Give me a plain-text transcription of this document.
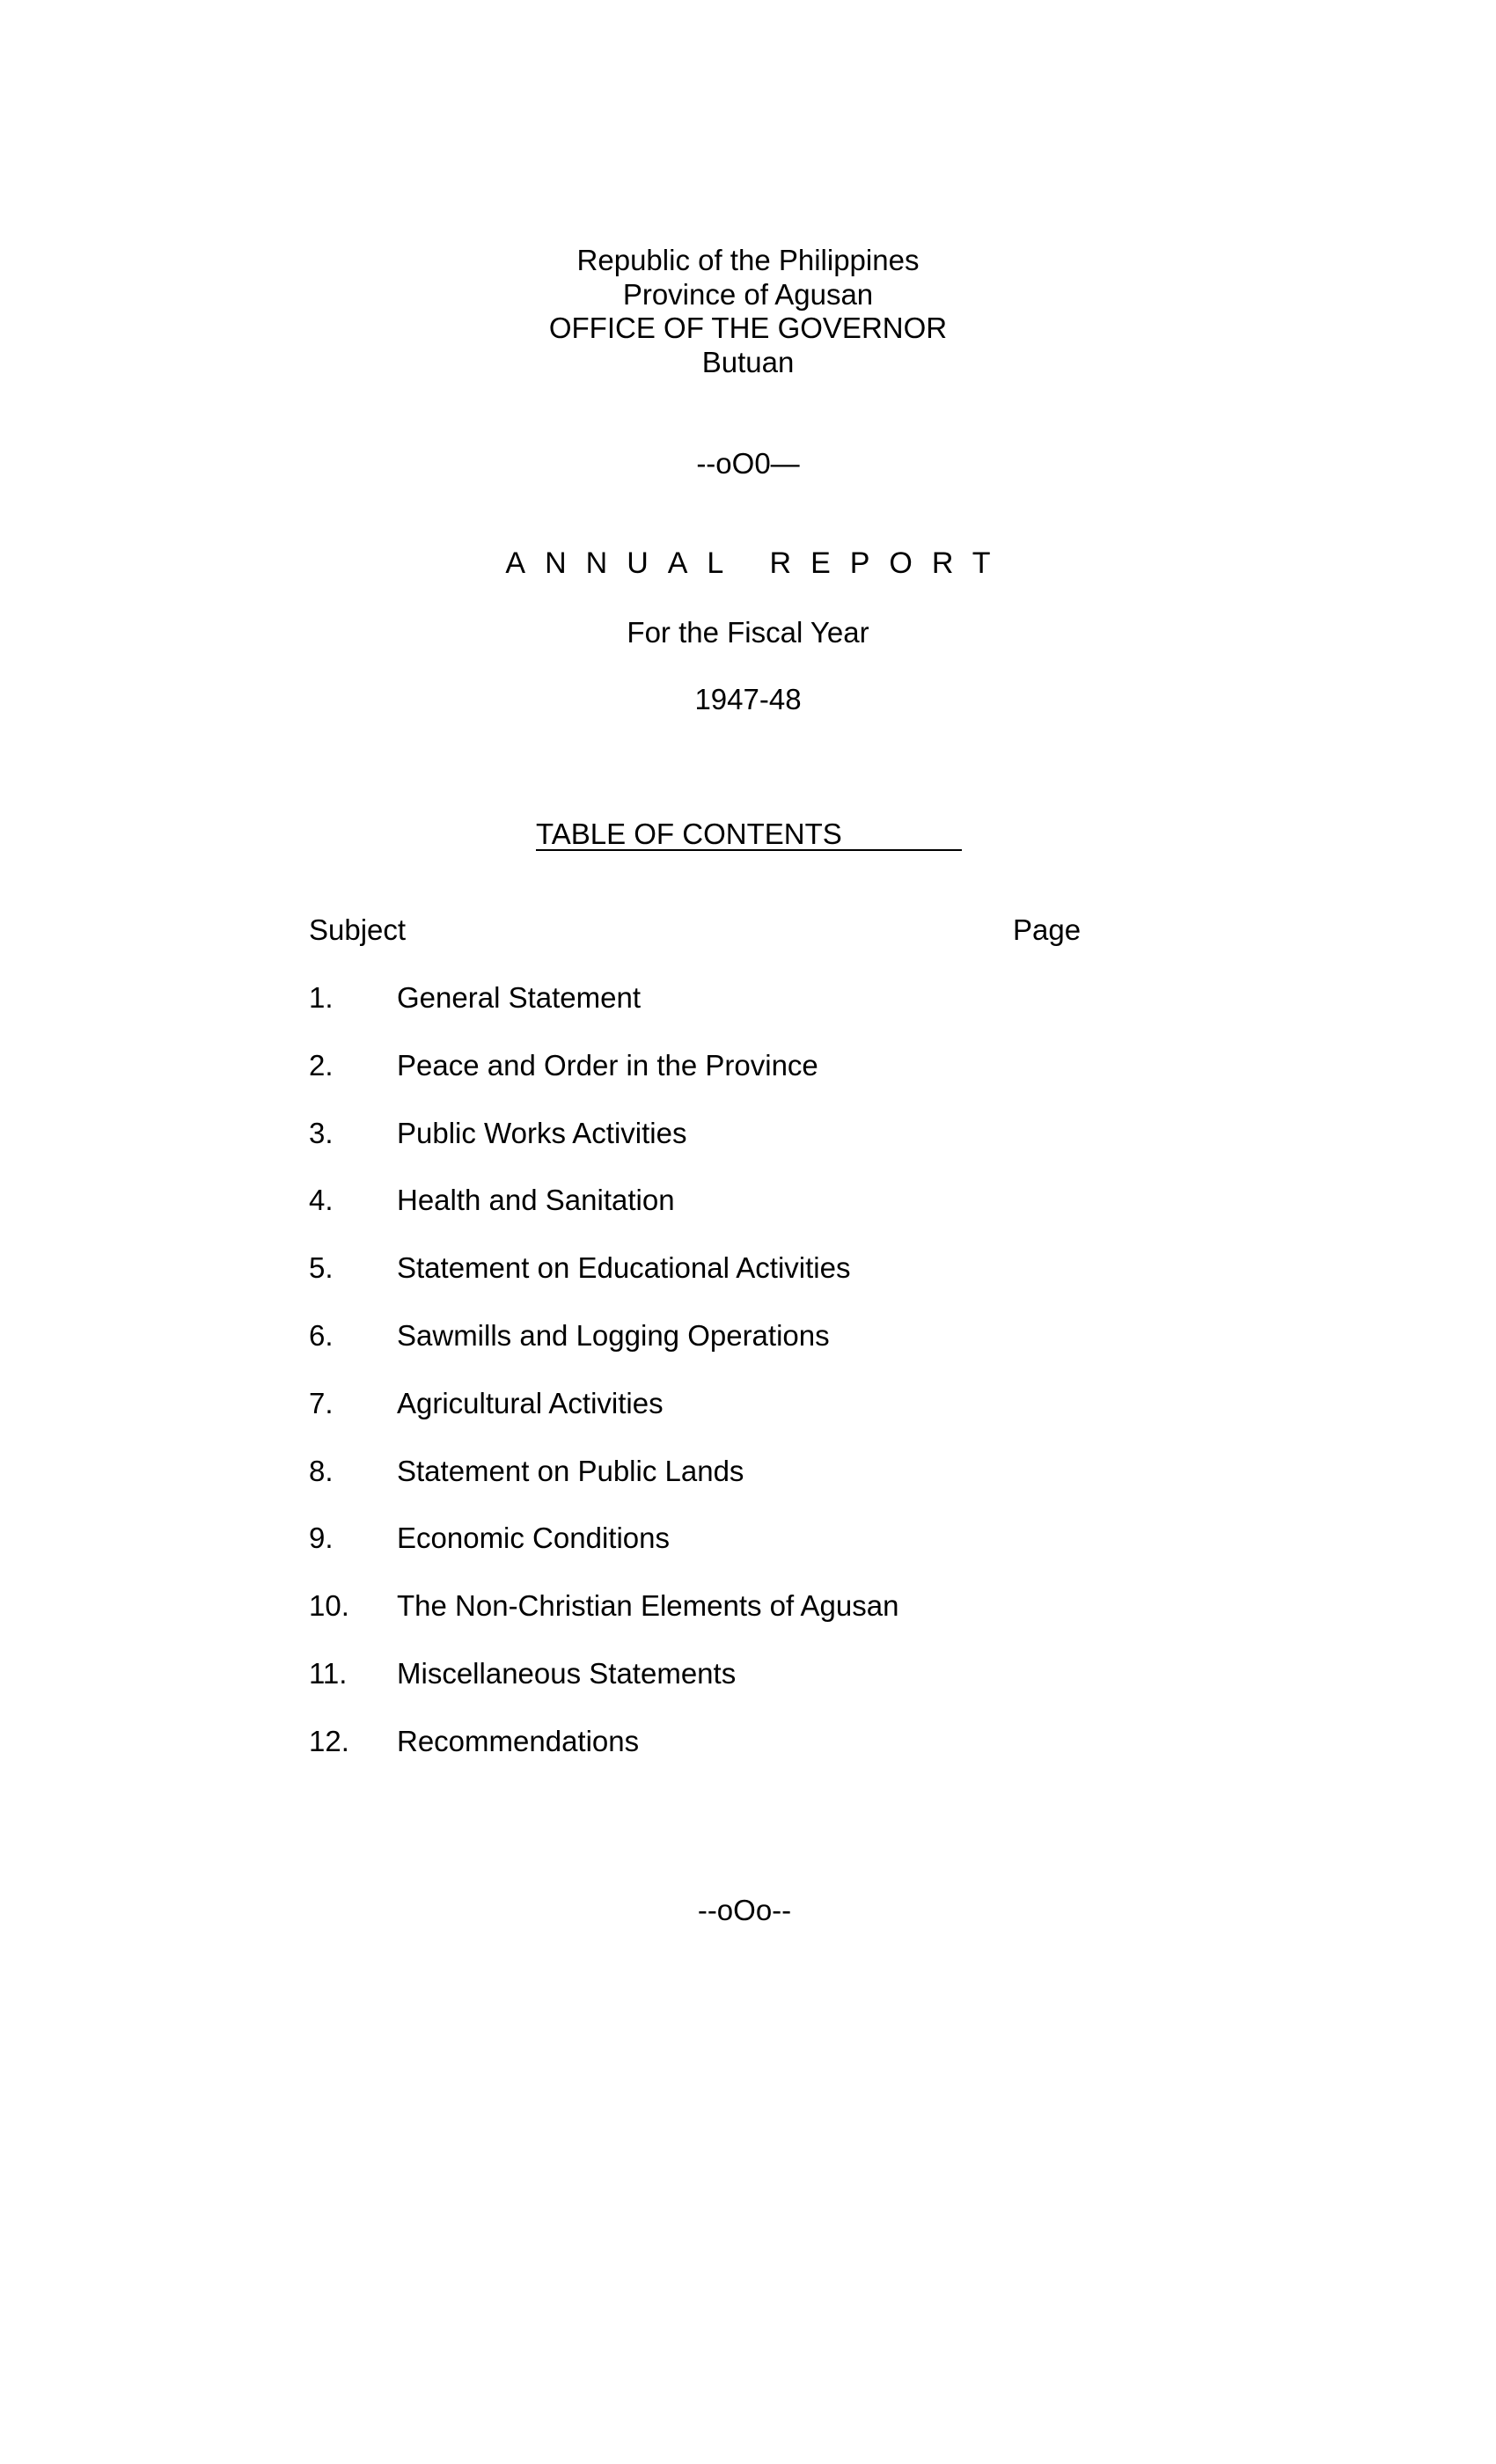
Republic of the Philippines
Province of Agusan
OFFICE OF THE GOVERNOR
Butuan
--oO0—
ANNUAL REPORT
For the Fiscal Year
1947-48
TABLE OF CONTENTS
Subject	Page
1. General Statement
2. Peace and Order in the Province
3. Public Works Activities
4. Health and Sanitation
5. Statement on Educational Activities
6. Sawmills and Logging Operations
7. Agricultural Activities
8. Statement on Public Lands
9. Economic Conditions
10. The Non-Christian Elements of Agusan
11. Miscellaneous Statements
12. Recommendations
--oOo--
